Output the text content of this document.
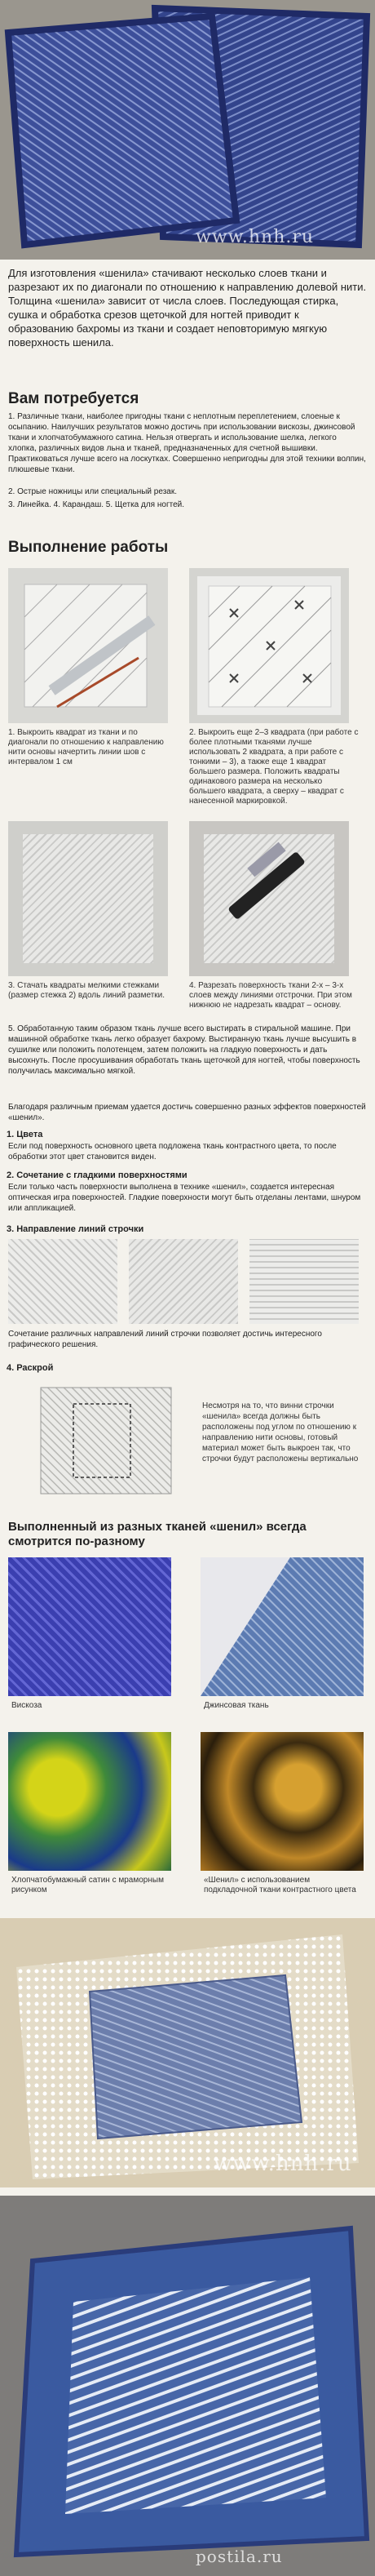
www.hnh.ru
Для изготовления «шенила» стачивают несколько слоев ткани и разрезают их по диагонали по отношению к направлению долевой нити. Толщина «шенила» зависит от числа слоев. Последующая стирка, сушка и обработка срезов щеточкой для ногтей приводит к образованию бахромы из ткани и создает неповторимую мягкую поверхность шенила.
Вам потребуется
1. Различные ткани, наиболее пригодны ткани с неплотным переплетением, слоеные к осыпанию. Наилучших результатов можно достичь при использовании вискозы, джинсовой ткани и хлопчатобумажного сатина. Нельзя отвергать и использование шелка, легкого хлопка, различных видов льна и тканей, предназначенных для счетной вышивки. Практиковаться лучше всего на лоскутках. Совершенно непригодны для этой техники волпин, плюшевые ткани.
2. Острые ножницы или специальный резак.
3. Линейка. 4. Карандаш. 5. Щетка для ногтей.
Выполнение работы
1. Выкроить квадрат из ткани и по диагонали по отношению к направлению нити основы начертить линии шов с интервалом 1 см
2. Выкроить еще 2–3 квадрата (при работе с более плотными тканями лучше использовать 2 квадрата, а при работе с тонкими – 3), а также еще 1 квадрат большего размера. Положить квадраты одинакового размера на несколько большего квадрата, а сверху – квадрат с нанесенной маркировкой.
3. Стачать квадраты мелкими стежками (размер стежка 2) вдоль линий разметки.
4. Разрезать поверхность ткани 2-х – 3-х слоев между линиями отстрочки. При этом нижнюю не надрезать квадрат – основу.
5. Обработанную таким образом ткань лучше всего выстирать в стиральной машине. При машинной обработке ткань легко образует бахрому. Выстиранную ткань лучше высушить в сушилке или положить полотенцем, затем положить на гладкую поверхность и дать высохнуть. После просушивания обработать ткань щеточкой для ногтей, чтобы поверхность получилась максимально мягкой.
Благодаря различным приемам удается достичь совершенно разных эффектов поверхностей «шенил».
1. Цвета
Если под поверхность основного цвета подложена ткань контрастного цвета, то после обработки этот цвет становится виден.
2. Сочетание с гладкими поверхностями
Если только часть поверхности выполнена в технике «шенил», создается интересная оптическая игра поверхностей. Гладкие поверхности могут быть отделаны лентами, шнуром или аппликацией.
3. Направление линий строчки
Сочетание различных направлений линий строчки позволяет достичь интересного графического решения.
4. Раскрой
Несмотря на то, что винни строчки «шенила» всегда должны быть расположены под углом по отношению к направлению нити основы, готовый материал может быть выкроен так, что строчки будут расположены вертикально
Выполненный из разных тканей «шенил» всегда смотрится по-разному
Вискоза	Джинсовая ткань
Хлопчатобумажный сатин с мраморным рисунком
«Шенил» с использованием подкладочной ткани контрастного цвета
www.hnh.ru
postila.ru
